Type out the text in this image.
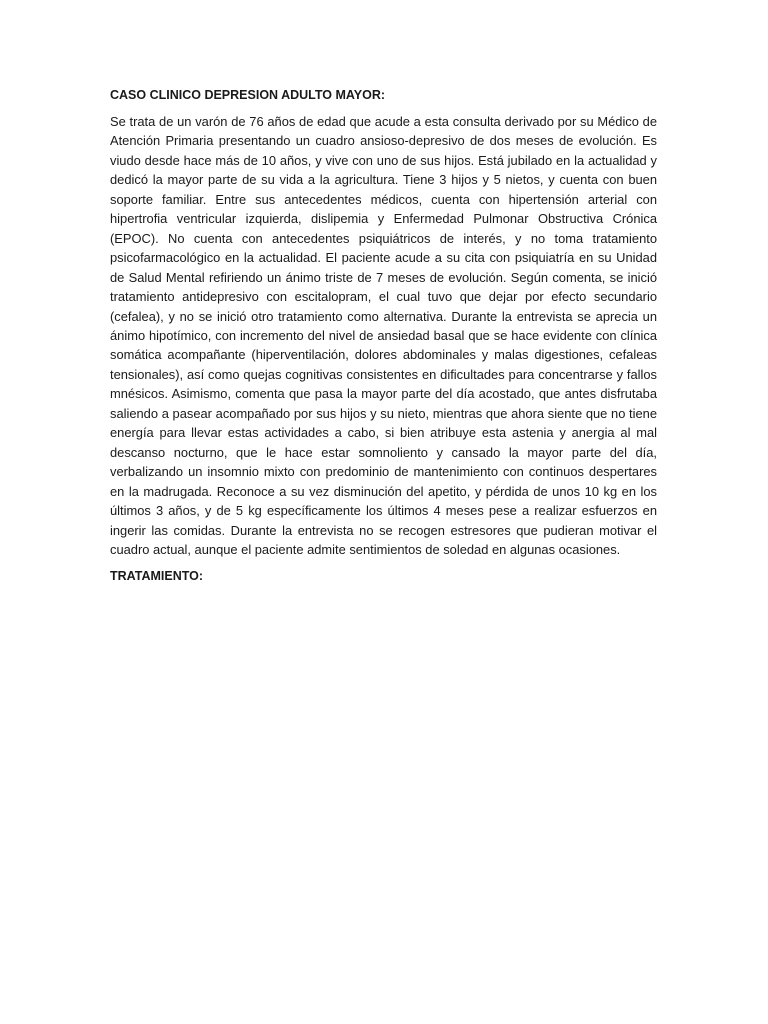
CASO CLINICO DEPRESION ADULTO MAYOR:

Se trata de un varón de 76 años de edad que acude a esta consulta derivado por su Médico de Atención Primaria presentando un cuadro ansioso-depresivo de dos meses de evolución. Es viudo desde hace más de 10 años, y vive con uno de sus hijos. Está jubilado en la actualidad y dedicó la mayor parte de su vida a la agricultura. Tiene 3 hijos y 5 nietos, y cuenta con buen soporte familiar. Entre sus antecedentes médicos, cuenta con hipertensión arterial con hipertrofia ventricular izquierda, dislipemia y Enfermedad Pulmonar Obstructiva Crónica (EPOC). No cuenta con antecedentes psiquiátricos de interés, y no toma tratamiento psicofarmacológico en la actualidad. El paciente acude a su cita con psiquiatría en su Unidad de Salud Mental refiriendo un ánimo triste de 7 meses de evolución. Según comenta, se inició tratamiento antidepresivo con escitalopram, el cual tuvo que dejar por efecto secundario (cefalea), y no se inició otro tratamiento como alternativa. Durante la entrevista se aprecia un ánimo hipotímico, con incremento del nivel de ansiedad basal que se hace evidente con clínica somática acompañante (hiperventilación, dolores abdominales y malas digestiones, cefaleas tensionales), así como quejas cognitivas consistentes en dificultades para concentrarse y fallos mnésicos. Asimismo, comenta que pasa la mayor parte del día acostado, que antes disfrutaba saliendo a pasear acompañado por sus hijos y su nieto, mientras que ahora siente que no tiene energía para llevar estas actividades a cabo, si bien atribuye esta astenia y anergia al mal descanso nocturno, que le hace estar somnoliento y cansado la mayor parte del día, verbalizando un insomnio mixto con predominio de mantenimiento con continuos despertares en la madrugada. Reconoce a su vez disminución del apetito, y pérdida de unos 10 kg en los últimos 3 años, y de 5 kg específicamente los últimos 4 meses pese a realizar esfuerzos en ingerir las comidas. Durante la entrevista no se recogen estresores que pudieran motivar el cuadro actual, aunque el paciente admite sentimientos de soledad en algunas ocasiones.

TRATAMIENTO:
